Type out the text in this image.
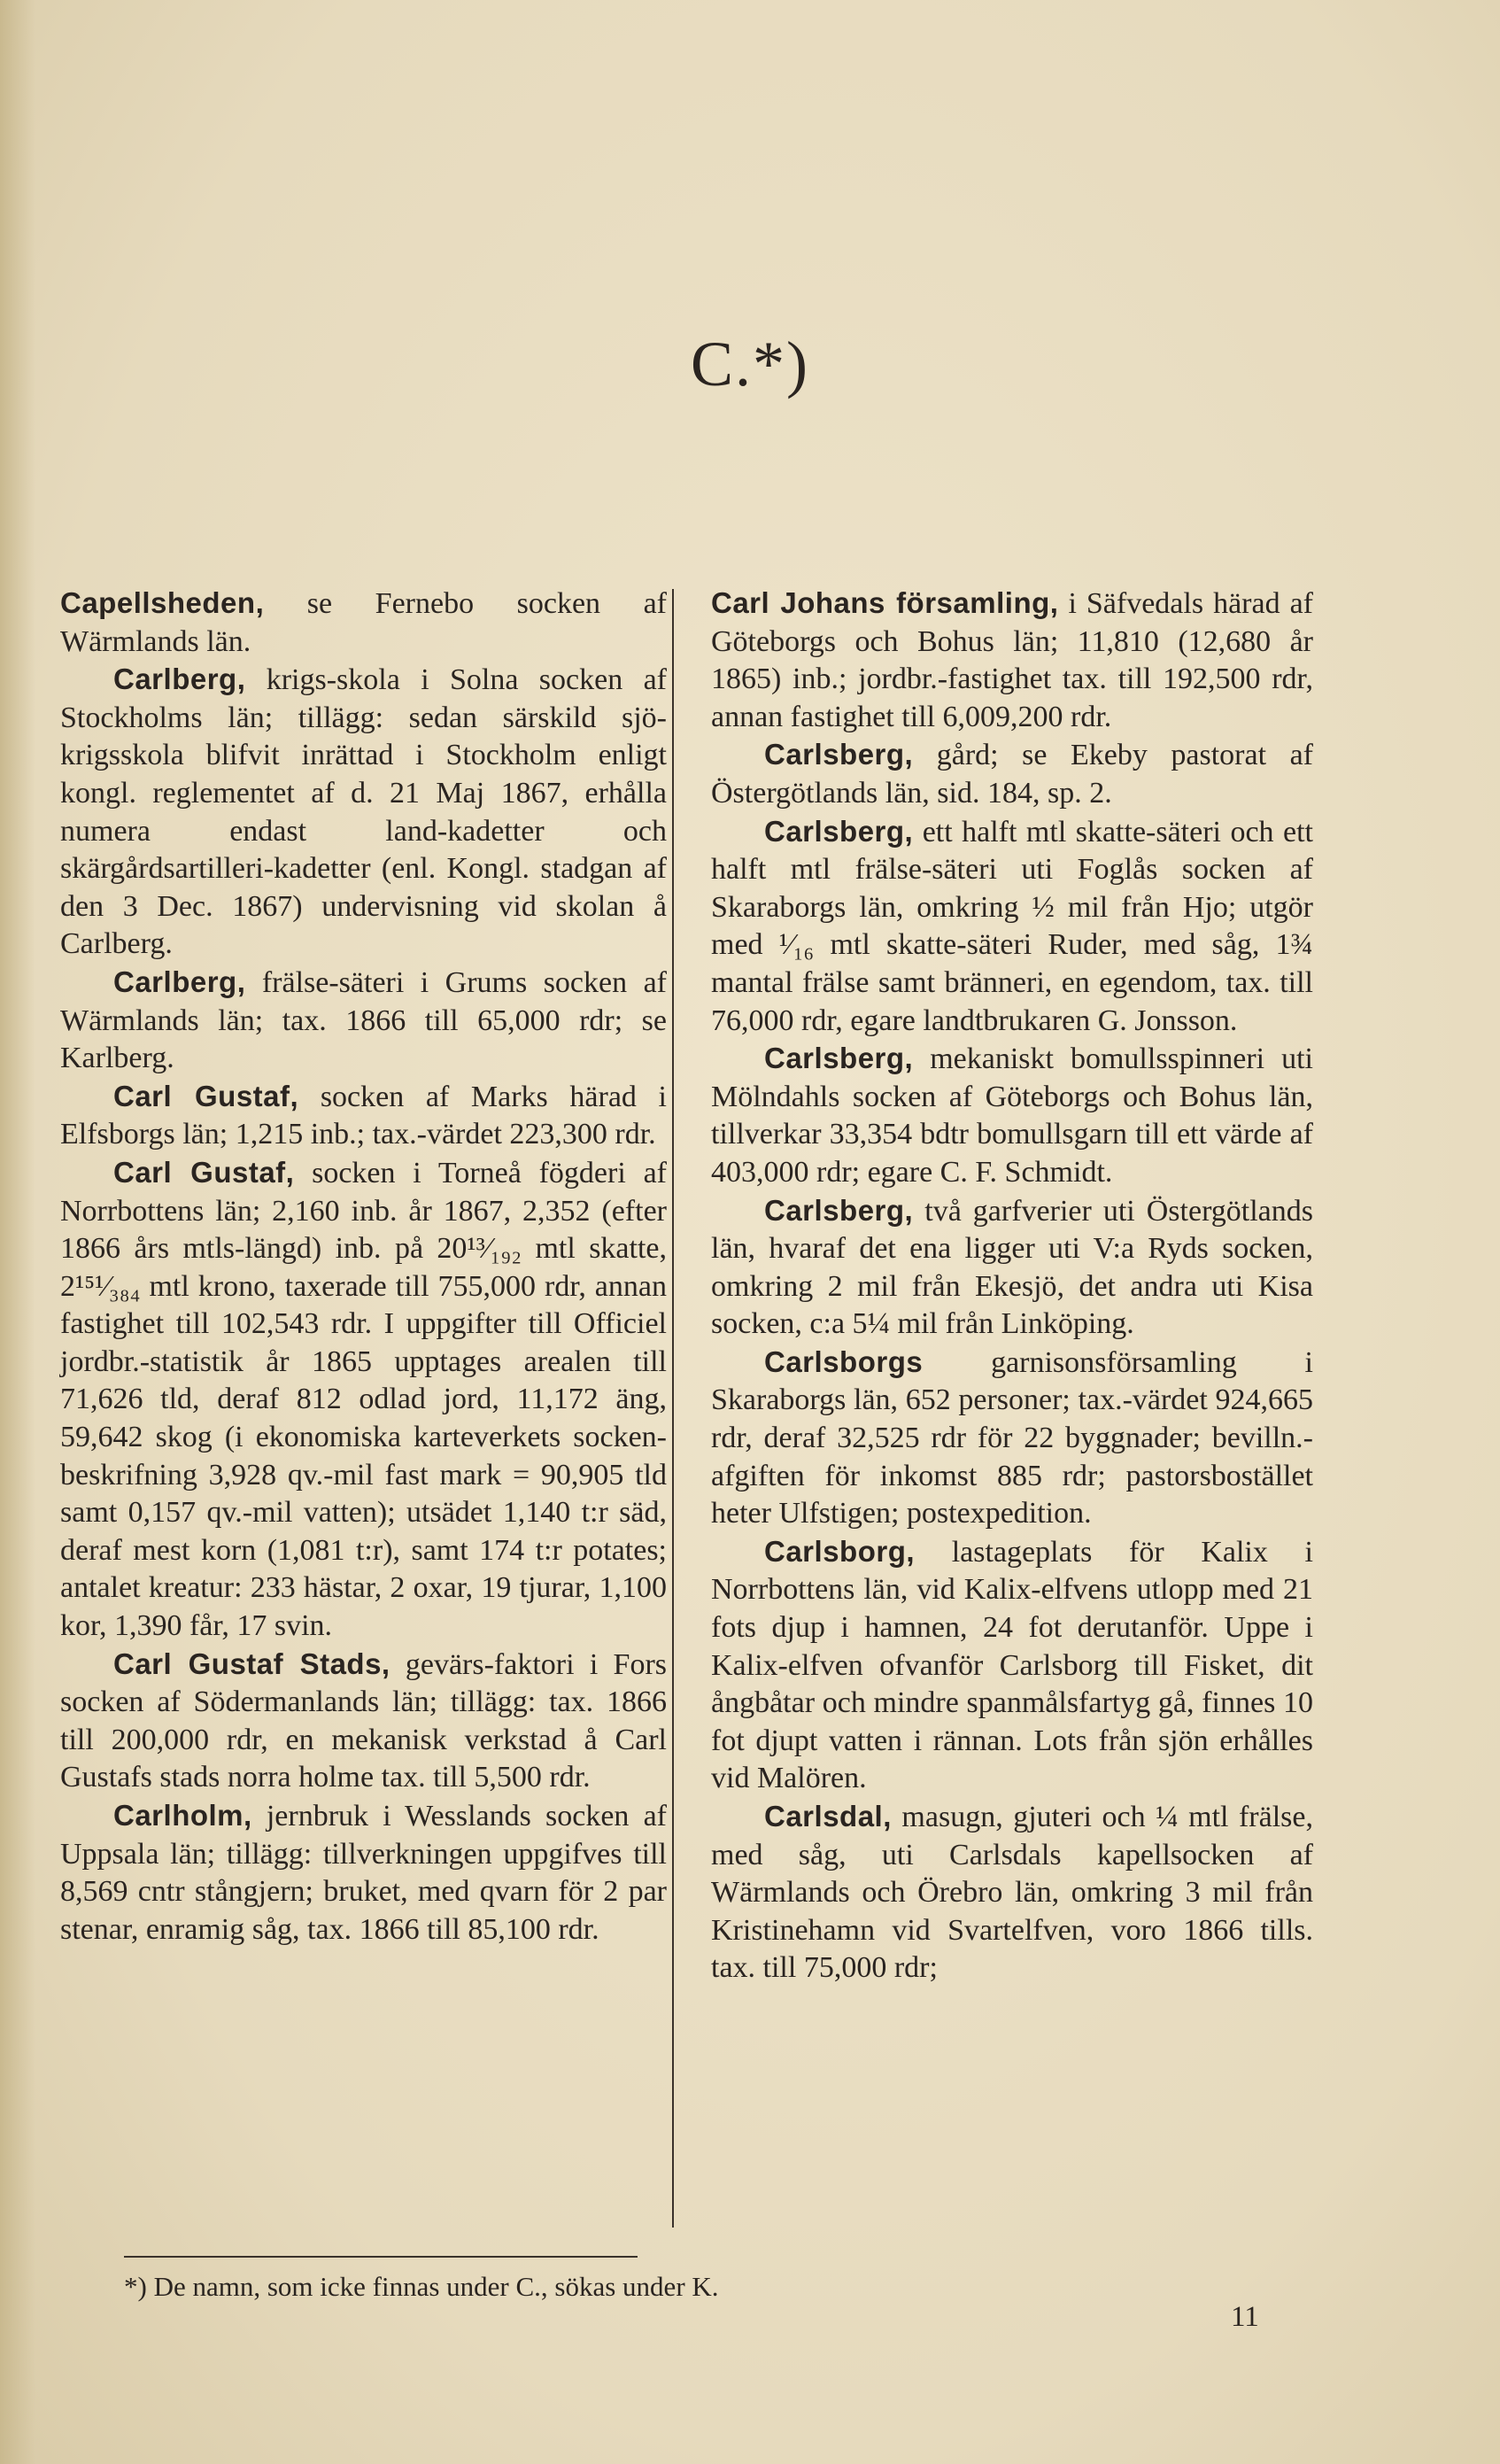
C.*)

Capellsheden, se Fernebo socken af Wärmlands län.

Carlberg, krigs-skola i Solna socken af Stockholms län; tillägg: sedan särskild sjö-krigsskola blifvit inrättad i Stockholm enligt kongl. reglementet af d. 21 Maj 1867, erhålla numera endast land-kadetter och skärgårdsartilleri-kadetter (enl. Kongl. stadgan af den 3 Dec. 1867) undervisning vid skolan å Carlberg.

Carlberg, frälse-säteri i Grums socken af Wärmlands län; tax. 1866 till 65,000 rdr; se Karlberg.

Carl Gustaf, socken af Marks härad i Elfsborgs län; 1,215 inb.; tax.-värdet 223,300 rdr.

Carl Gustaf, socken i Torneå fögderi af Norrbottens län; 2,160 inb. år 1867, 2,352 (efter 1866 års mtls-längd) inb. på 20¹³⁄₁₉₂ mtl skatte, 2¹⁵¹⁄₃₈₄ mtl krono, taxerade till 755,000 rdr, annan fastighet till 102,543 rdr. I uppgifter till Officiel jordbr.-statistik år 1865 upptages arealen till 71,626 tld, deraf 812 odlad jord, 11,172 äng, 59,642 skog (i ekonomiska karteverkets socken-beskrifning 3,928 qv.-mil fast mark = 90,905 tld samt 0,157 qv.-mil vatten); utsädet 1,140 t:r säd, deraf mest korn (1,081 t:r), samt 174 t:r potates; antalet kreatur: 233 hästar, 2 oxar, 19 tjurar, 1,100 kor, 1,390 får, 17 svin.

Carl Gustaf Stads, gevärs-faktori i Fors socken af Södermanlands län; tillägg: tax. 1866 till 200,000 rdr, en mekanisk verkstad å Carl Gustafs stads norra holme tax. till 5,500 rdr.

Carlholm, jernbruk i Wesslands socken af Uppsala län; tillägg: tillverkningen uppgifves till 8,569 cntr stångjern; bruket, med qvarn för 2 par stenar, enramig såg, tax. 1866 till 85,100 rdr.

Carl Johans församling, i Säfvedals härad af Göteborgs och Bohus län; 11,810 (12,680 år 1865) inb.; jordbr.-fastighet tax. till 192,500 rdr, annan fastighet till 6,009,200 rdr.

Carlsberg, gård; se Ekeby pastorat af Östergötlands län, sid. 184, sp. 2.

Carlsberg, ett halft mtl skatte-säteri och ett halft mtl frälse-säteri uti Foglås socken af Skaraborgs län, omkring ½ mil från Hjo; utgör med ¹⁄₁₆ mtl skatte-säteri Ruder, med såg, 1¾ mantal frälse samt bränneri, en egendom, tax. till 76,000 rdr, egare landtbrukaren G. Jonsson.

Carlsberg, mekaniskt bomullsspinneri uti Mölndahls socken af Göteborgs och Bohus län, tillverkar 33,354 bdtr bomullsgarn till ett värde af 403,000 rdr; egare C. F. Schmidt.

Carlsberg, två garfverier uti Östergötlands län, hvaraf det ena ligger uti V:a Ryds socken, omkring 2 mil från Ekesjö, det andra uti Kisa socken, c:a 5¼ mil från Linköping.

Carlsborgs garnisonsförsamling i Skaraborgs län, 652 personer; tax.-värdet 924,665 rdr, deraf 32,525 rdr för 22 byggnader; bevilln.-afgiften för inkomst 885 rdr; pastorsbostället heter Ulfstigen; postexpedition.

Carlsborg, lastageplats för Kalix i Norrbottens län, vid Kalix-elfvens utlopp med 21 fots djup i hamnen, 24 fot derutanför. Uppe i Kalix-elfven ofvanför Carlsborg till Fisket, dit ångbåtar och mindre spanmålsfartyg gå, finnes 10 fot djupt vatten i rännan. Lots från sjön erhålles vid Malören.

Carlsdal, masugn, gjuteri och ¼ mtl frälse, med såg, uti Carlsdals kapellsocken af Wärmlands och Örebro län, omkring 3 mil från Kristinehamn vid Svartelfven, voro 1866 tills. tax. till 75,000 rdr;

*) De namn, som icke finnas under C., sökas under K.
11
